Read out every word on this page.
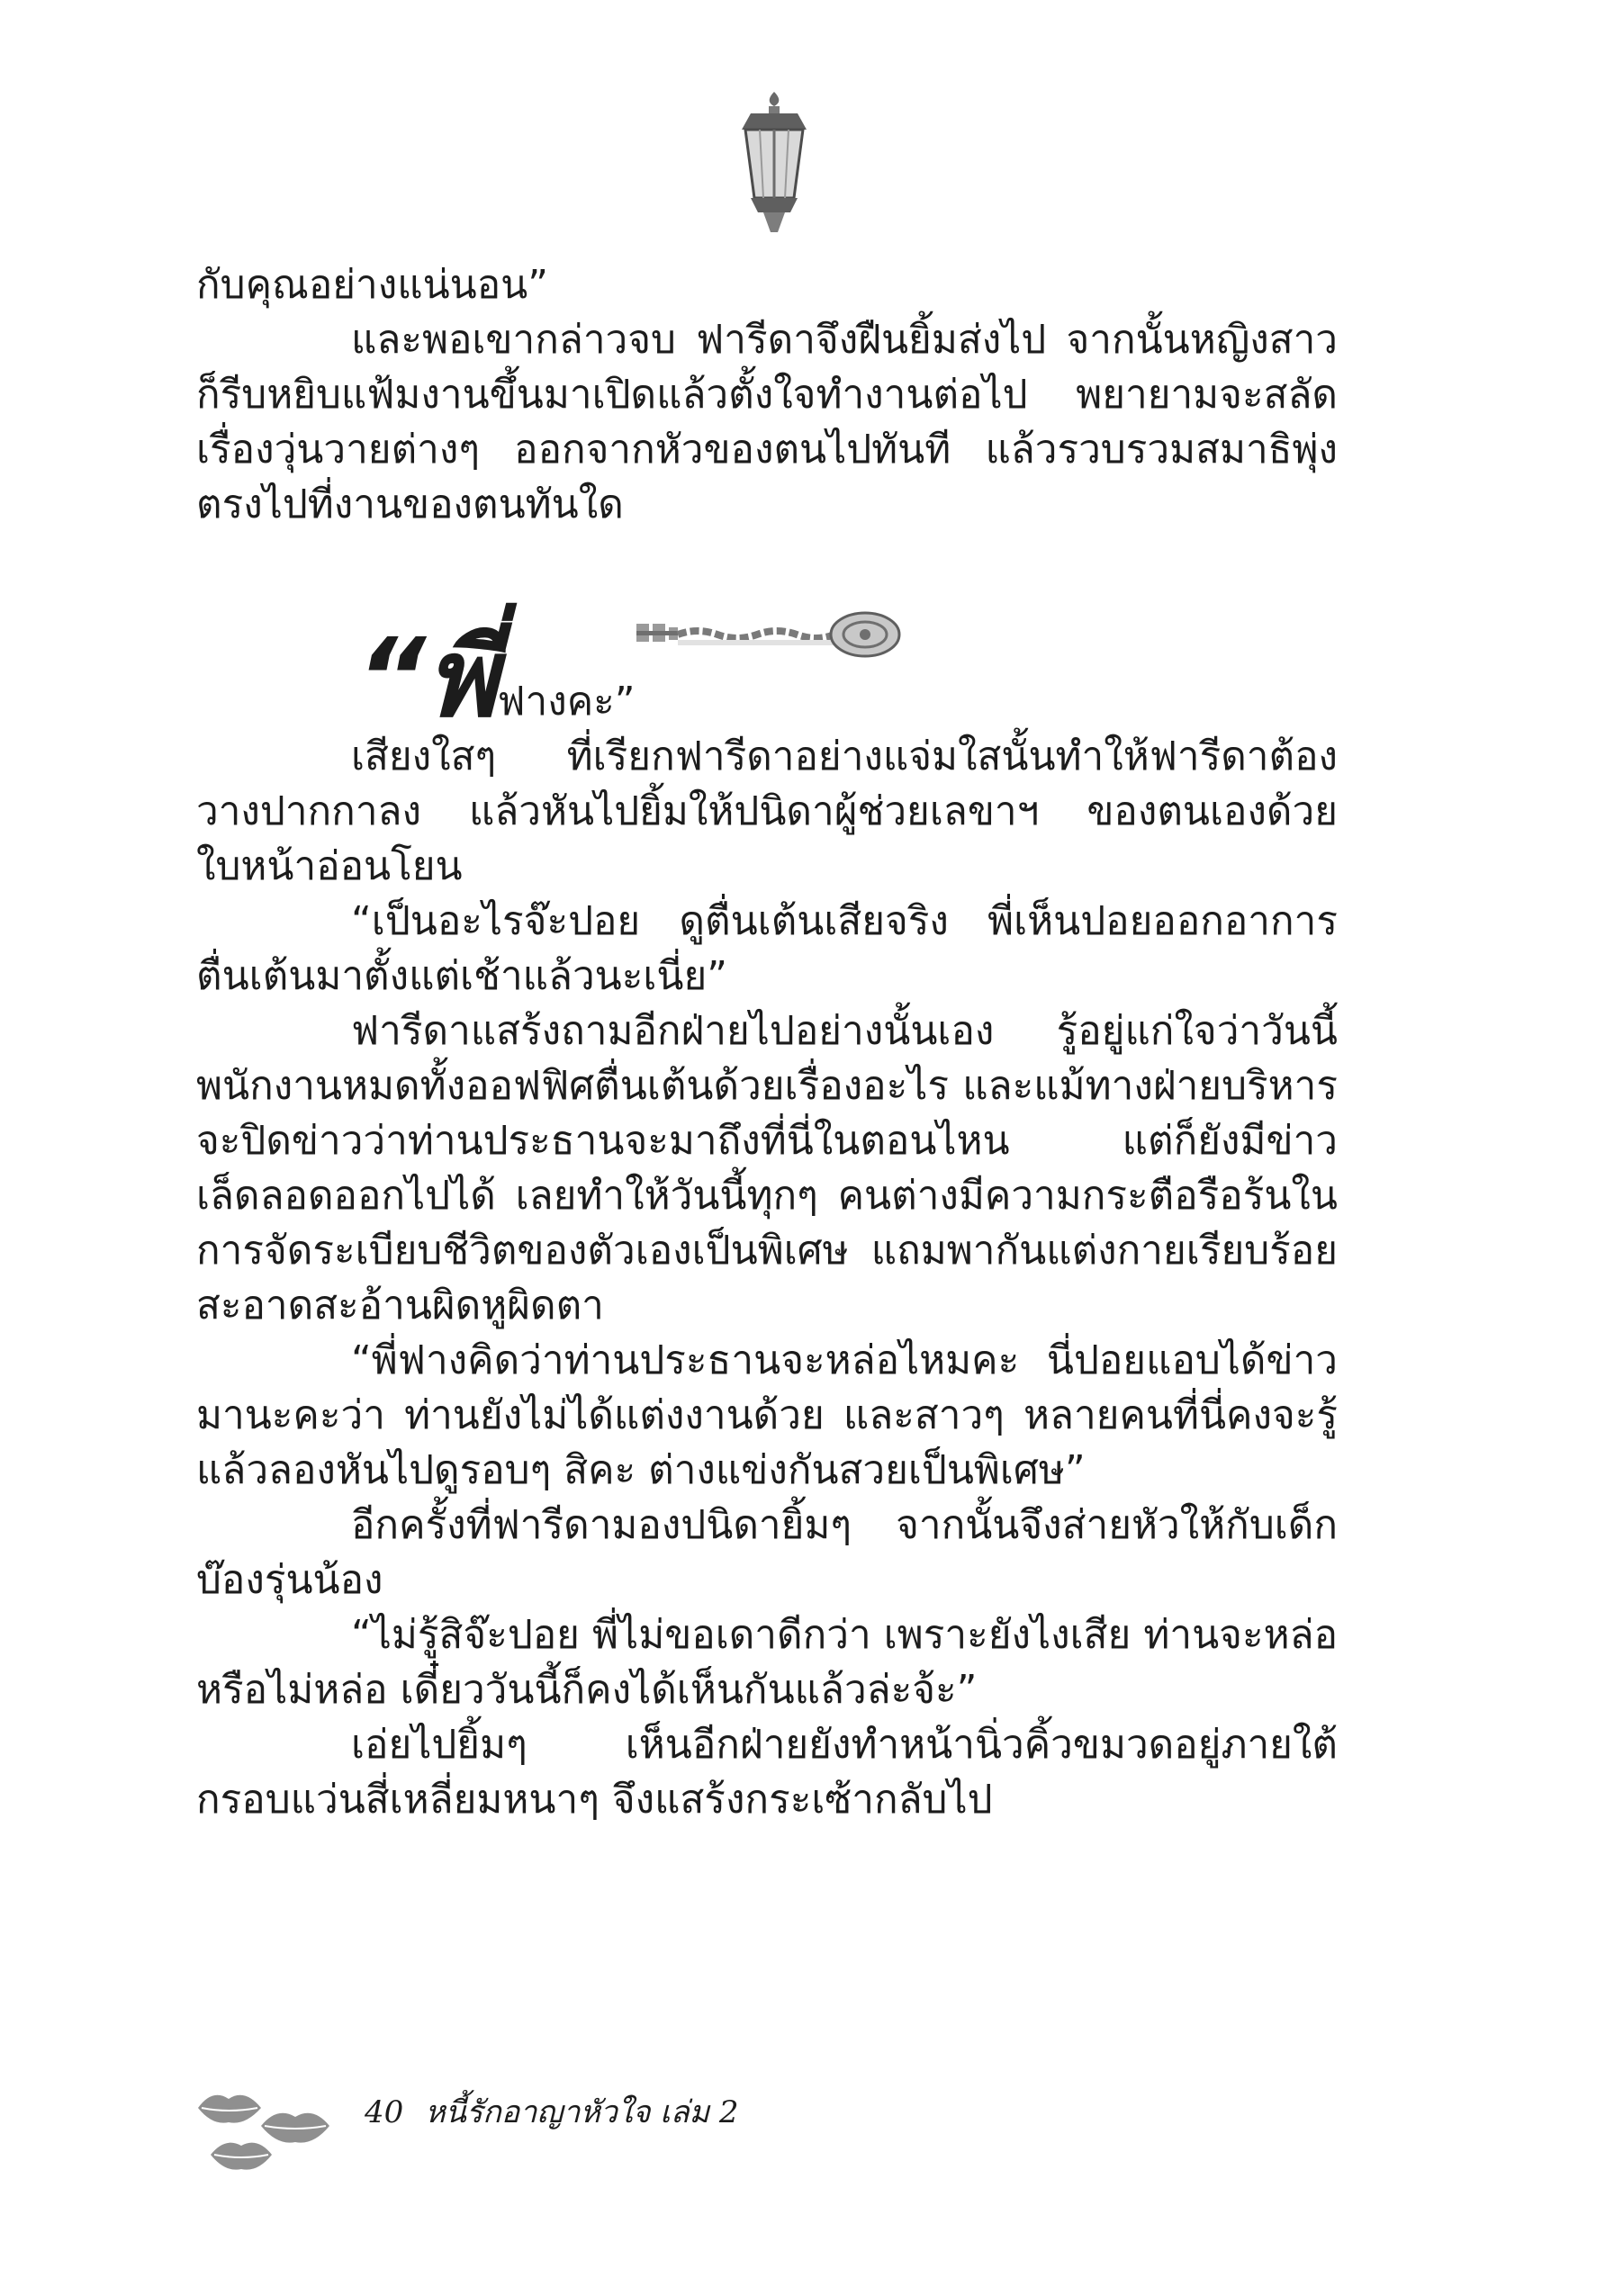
กับคุณอย่างแน่นอน”

และพอเขากล่าวจบ ฟารีดาจึงฝืนยิ้มส่งไป จากนั้นหญิงสาวก็รีบหยิบแฟ้มงานขึ้นมาเปิดแล้วตั้งใจทำงานต่อไป พยายามจะสลัดเรื่องวุ่นวายต่างๆ ออกจากหัวของตนไปทันที แล้วรวบรวมสมาธิพุ่งตรงไปที่งานของตนทันใด

“พี่ฟางคะ”

เสียงใสๆ ที่เรียกฟารีดาอย่างแจ่มใสนั้นทำให้ฟารีดาต้องวางปากกาลง แล้วหันไปยิ้มให้ปนิดาผู้ช่วยเลขาฯ ของตนเองด้วยใบหน้าอ่อนโยน

“เป็นอะไรจ๊ะปอย ดูตื่นเต้นเสียจริง พี่เห็นปอยออกอาการตื่นเต้นมาตั้งแต่เช้าแล้วนะเนี่ย”

ฟารีดาแสร้งถามอีกฝ่ายไปอย่างนั้นเอง รู้อยู่แก่ใจว่าวันนี้พนักงานหมดทั้งออฟฟิศตื่นเต้นด้วยเรื่องอะไร และแม้ทางฝ่ายบริหารจะปิดข่าวว่าท่านประธานจะมาถึงที่นี่ในตอนไหน แต่ก็ยังมีข่าวเล็ดลอดออกไปได้ เลยทำให้วันนี้ทุกๆ คนต่างมีความกระตือรือร้นในการจัดระเบียบชีวิตของตัวเองเป็นพิเศษ แถมพากันแต่งกายเรียบร้อยสะอาดสะอ้านผิดหูผิดตา

“พี่ฟางคิดว่าท่านประธานจะหล่อไหมคะ นี่ปอยแอบได้ข่าวมานะคะว่า ท่านยังไม่ได้แต่งงานด้วย และสาวๆ หลายคนที่นี่คงจะรู้แล้วลองหันไปดูรอบๆ สิคะ ต่างแข่งกันสวยเป็นพิเศษ”

อีกครั้งที่ฟารีดามองปนิดายิ้มๆ จากนั้นจึงส่ายหัวให้กับเด็กบ๊องรุ่นน้อง

“ไม่รู้สิจ๊ะปอย พี่ไม่ขอเดาดีกว่า เพราะยังไงเสีย ท่านจะหล่อหรือไม่หล่อ เดี๋ยววันนี้ก็คงได้เห็นกันแล้วล่ะจ้ะ”

เอ่ยไปยิ้มๆ เห็นอีกฝ่ายยังทำหน้านิ่วคิ้วขมวดอยู่ภายใต้กรอบแว่นสี่เหลี่ยมหนาๆ จึงแสร้งกระเซ้ากลับไป

40 หนี้รักอาญาหัวใจ เล่ม 2
